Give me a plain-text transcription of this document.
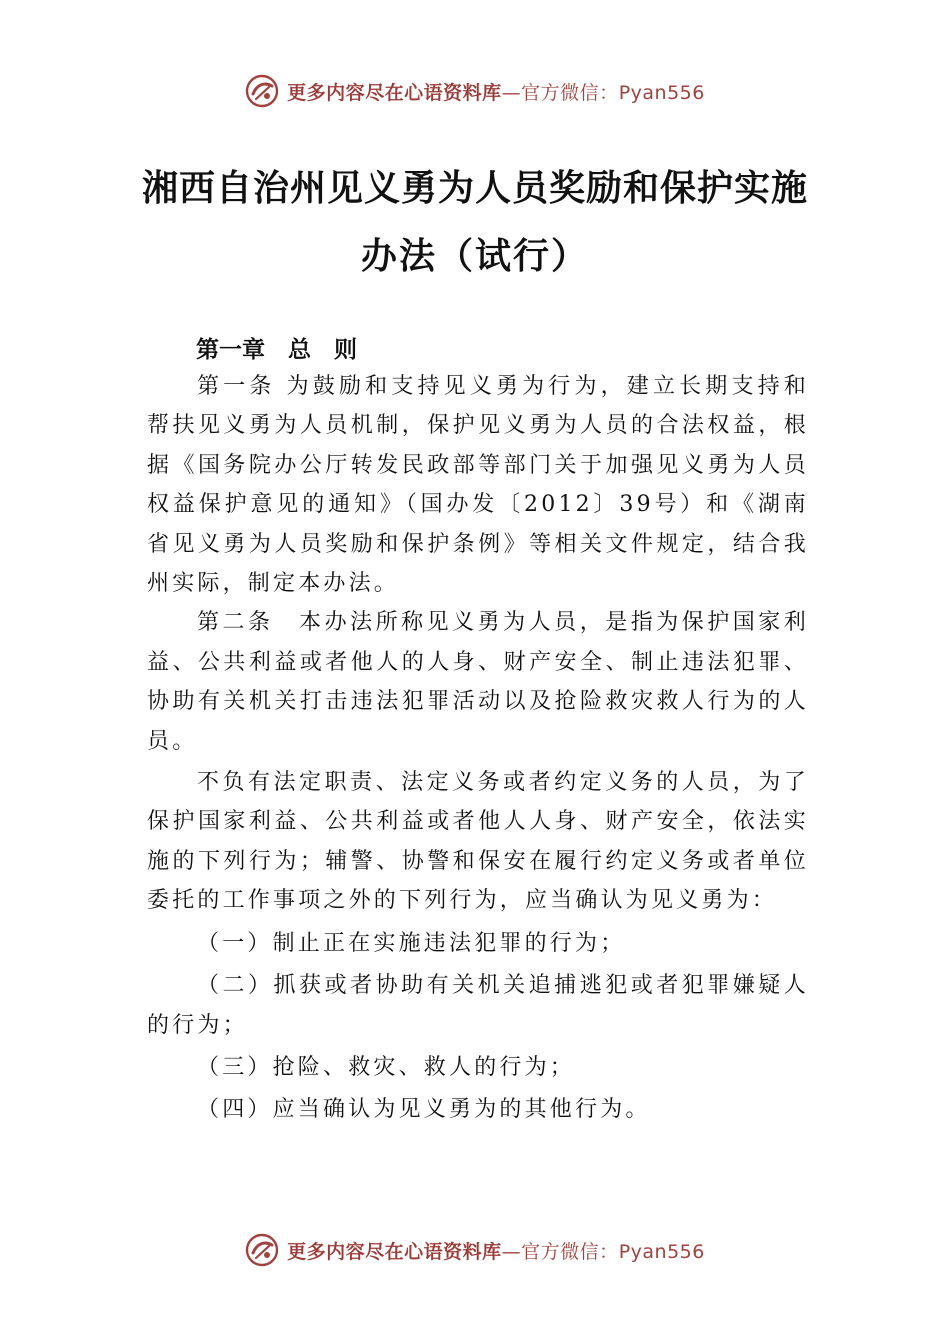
更多内容尽在心语资料库—官方微信：Pyan556
湘西自治州见义勇为人员奖励和保护实施
办法（试行）
第一章　总　则

第一条 为鼓励和支持见义勇为行为，建立长期支持和帮扶见义勇为人员机制，保护见义勇为人员的合法权益，根据《国务院办公厅转发民政部等部门关于加强见义勇为人员权益保护意见的通知》（国办发〔2012〕39号）和《湖南省见义勇为人员奖励和保护条例》等相关文件规定，结合我州实际，制定本办法。

第二条　本办法所称见义勇为人员，是指为保护国家利益、公共利益或者他人的人身、财产安全、制止违法犯罪、协助有关机关打击违法犯罪活动以及抢险救灾救人行为的人员。

不负有法定职责、法定义务或者约定义务的人员，为了保护国家利益、公共利益或者他人人身、财产安全，依法实施的下列行为；辅警、协警和保安在履行约定义务或者单位委托的工作事项之外的下列行为，应当确认为见义勇为：

（一）制止正在实施违法犯罪的行为；

（二）抓获或者协助有关机关追捕逃犯或者犯罪嫌疑人的行为；

（三）抢险、救灾、救人的行为；

（四）应当确认为见义勇为的其他行为。

更多内容尽在心语资料库—官方微信：Pyan556
